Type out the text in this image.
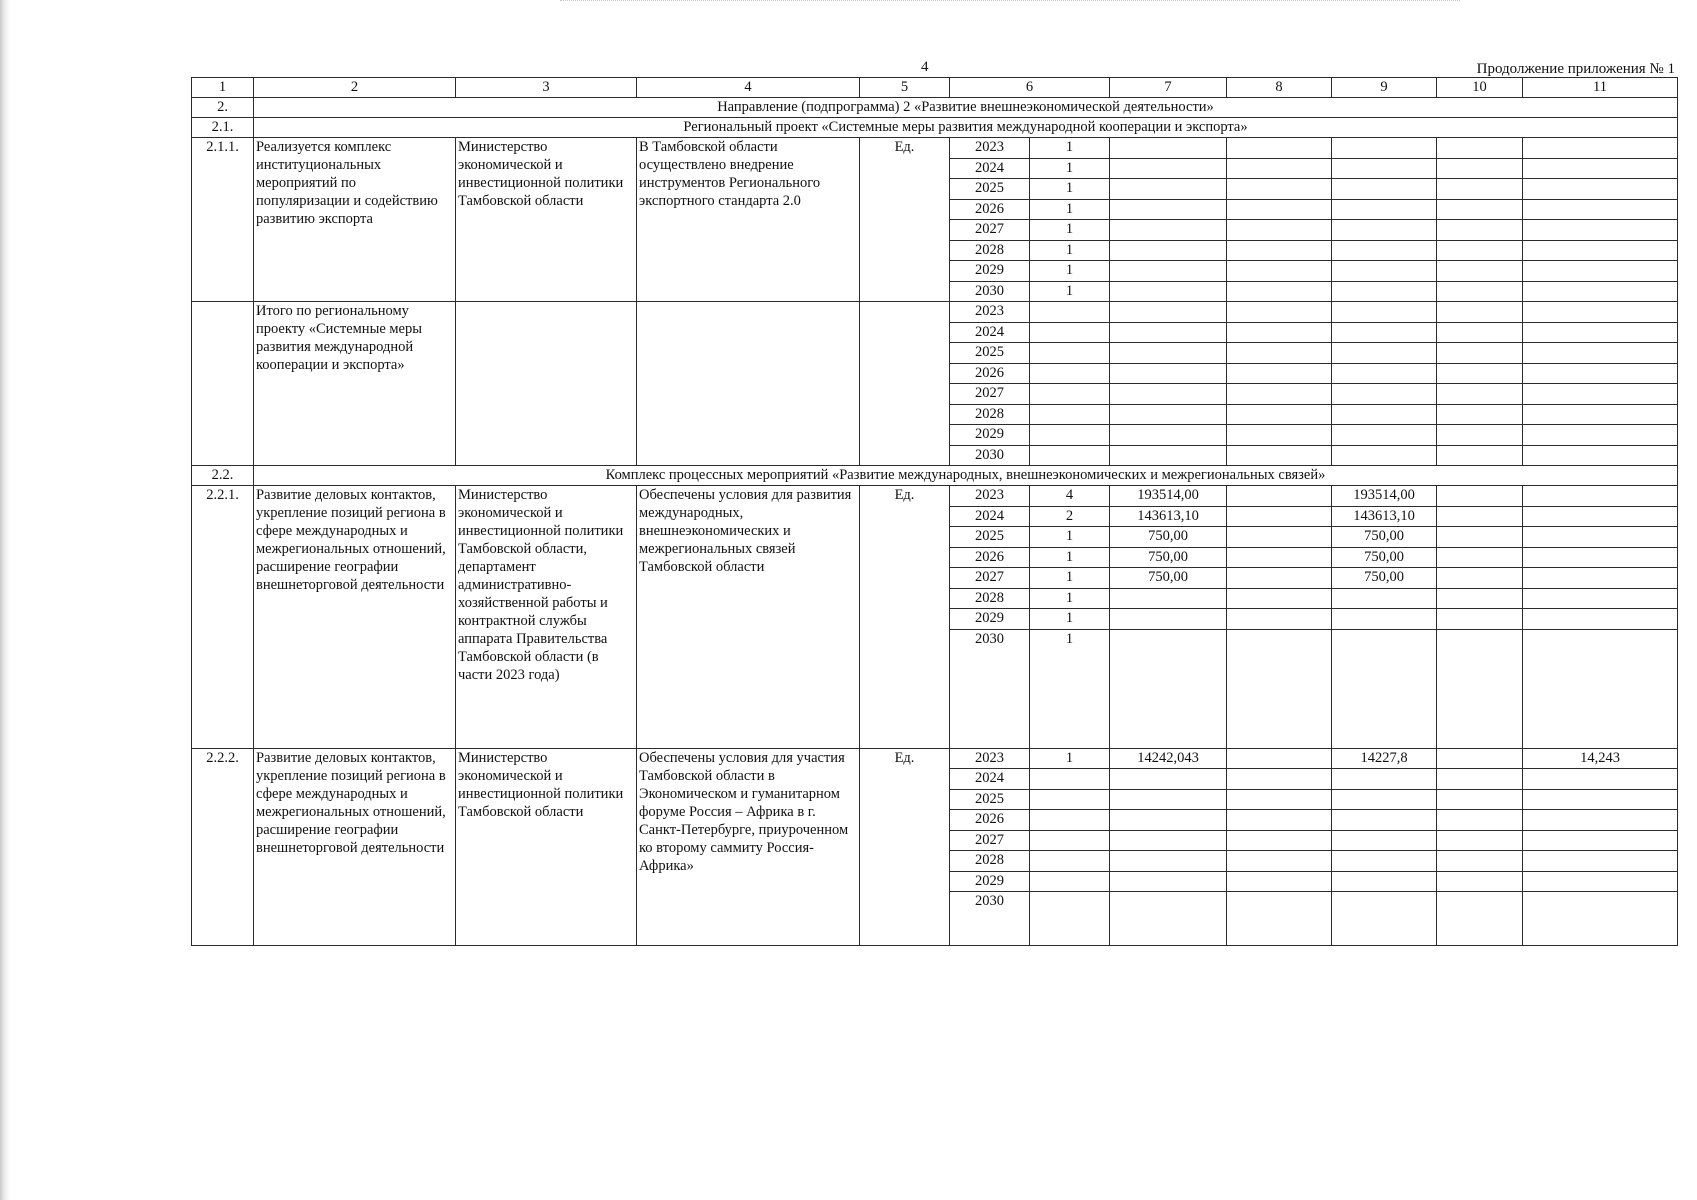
4	Продолжение приложения № 1
1	2	3	4	5	6		7	8	9	10	11
2.	Направление (подпрограмма) 2 «Развитие внешнеэкономической деятельности»										
2.1.	Региональный проект «Системные меры развития международной кооперации и экспорта»										
2.1.1.	Реализуется комплекс институциональных мероприятий по популяризации и содействию развитию экспорта	Министерство экономической и инвестиционной политики Тамбовской области	В Тамбовской области осуществлено внедрение инструментов Регионального экспортного стандарта 2.0	Ед.	2023	1					
					2024	1					
					2025	1					
					2026	1					
					2027	1					
					2028	1					
					2029	1					
					2030	1					
	Итого по региональному проекту «Системные меры развития международной кооперации и экспорта»				2023						
					2024						
					2025						
					2026						
					2027						
					2028						
					2029						
					2030						
2.2.	Комплекс процессных мероприятий «Развитие международных, внешнеэкономических и межрегиональных связей»										
2.2.1.	Развитие деловых контактов, укрепление позиций региона в сфере международных и межрегиональных отношений, расширение географии внешнеторговой деятельности	Министерство экономической и инвестиционной политики Тамбовской области, департамент административно-хозяйственной работы и контрактной службы аппарата Правительства Тамбовской области (в части 2023 года)	Обеспечены условия для развития международных, внешнеэкономических и межрегиональных связей Тамбовской области	Ед.	2023	4	193514,00		193514,00		
					2024	2	143613,10		143613,10		
					2025	1	750,00		750,00		
					2026	1	750,00		750,00		
					2027	1	750,00		750,00		
					2028	1					
					2029	1					
					2030	1					
2.2.2.	Развитие деловых контактов, укрепление позиций региона в сфере международных и межрегиональных отношений, расширение географии внешнеторговой деятельности	Министерство экономической и инвестиционной политики Тамбовской области	Обеспечены условия для участия Тамбовской области в Экономическом и гуманитарном форуме Россия – Африка в г. Санкт-Петербурге, приуроченном ко второму саммиту Россия-Африка»	Ед.	2023	1	14242,043		14227,8		14,243
					2024						
					2025						
					2026						
					2027						
					2028						
					2029						
					2030						
